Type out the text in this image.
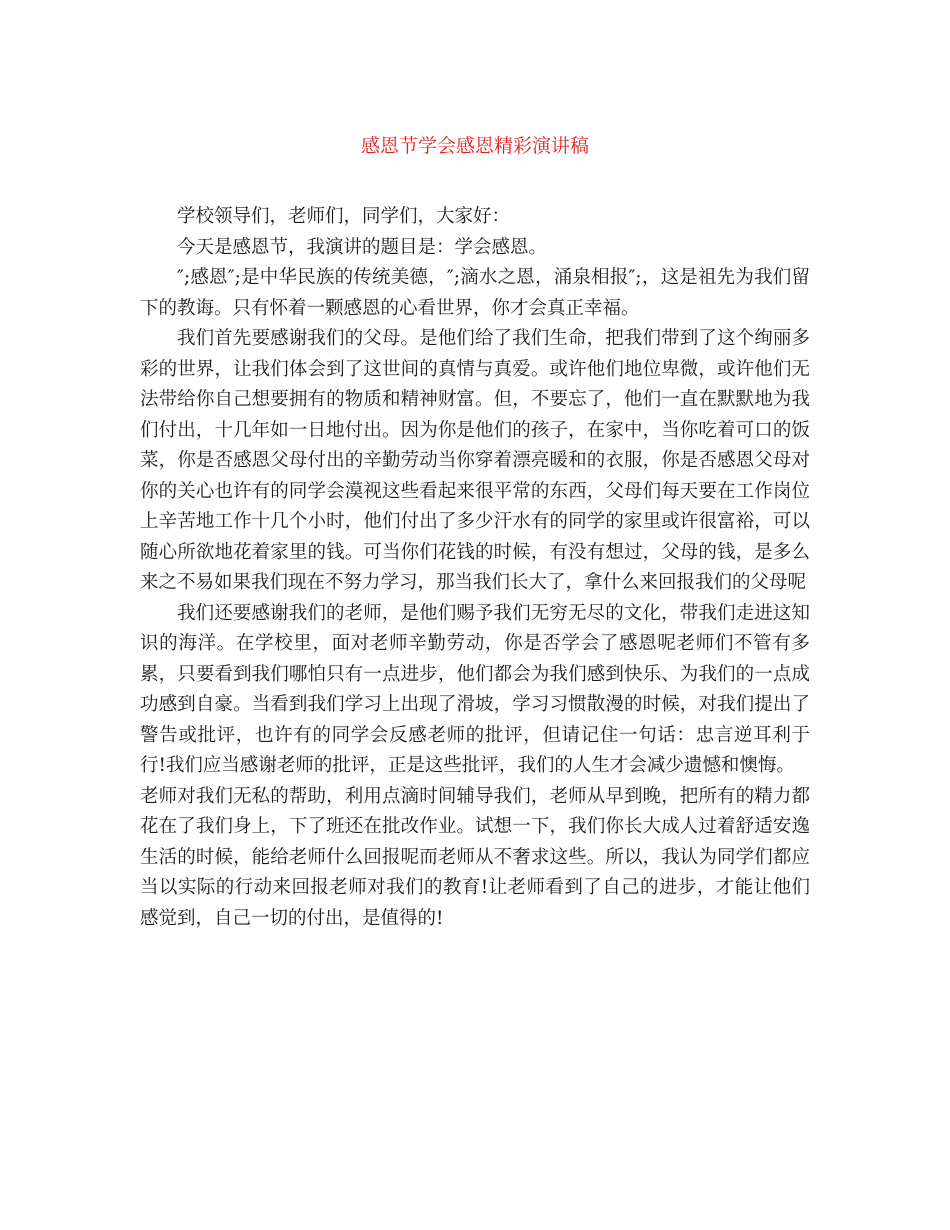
感恩节学会感恩精彩演讲稿

学校领导们，老师们，同学们，大家好：

今天是感恩节，我演讲的题目是：学会感恩。

″;感恩″;是中华民族的传统美德，″;滴水之恩，涌泉相报″;，这是祖先为我们留下的教诲。只有怀着一颗感恩的心看世界，你才会真正幸福。

我们首先要感谢我们的父母。是他们给了我们生命，把我们带到了这个绚丽多彩的世界，让我们体会到了这世间的真情与真爱。或许他们地位卑微，或许他们无法带给你自己想要拥有的物质和精神财富。但，不要忘了，他们一直在默默地为我们付出，十几年如一日地付出。因为你是他们的孩子，在家中，当你吃着可口的饭菜，你是否感恩父母付出的辛勤劳动当你穿着漂亮暖和的衣服，你是否感恩父母对你的关心也许有的同学会漠视这些看起来很平常的东西，父母们每天要在工作岗位上辛苦地工作十几个小时，他们付出了多少汗水有的同学的家里或许很富裕，可以随心所欲地花着家里的钱。可当你们花钱的时候，有没有想过，父母的钱，是多么来之不易如果我们现在不努力学习，那当我们长大了，拿什么来回报我们的父母呢

我们还要感谢我们的老师，是他们赐予我们无穷无尽的文化，带我们走进这知识的海洋。在学校里，面对老师辛勤劳动，你是否学会了感恩呢老师们不管有多累，只要看到我们哪怕只有一点进步，他们都会为我们感到快乐、为我们的一点成功感到自豪。当看到我们学习上出现了滑坡，学习习惯散漫的时候，对我们提出了警告或批评，也许有的同学会反感老师的批评，但请记住一句话：忠言逆耳利于行!我们应当感谢老师的批评，正是这些批评，我们的人生才会减少遗憾和懊悔。

老师对我们无私的帮助，利用点滴时间辅导我们，老师从早到晚，把所有的精力都花在了我们身上，下了班还在批改作业。试想一下，我们你长大成人过着舒适安逸生活的时候，能给老师什么回报呢而老师从不奢求这些。所以，我认为同学们都应当以实际的行动来回报老师对我们的教育!让老师看到了自己的进步，才能让他们感觉到，自己一切的付出，是值得的!
